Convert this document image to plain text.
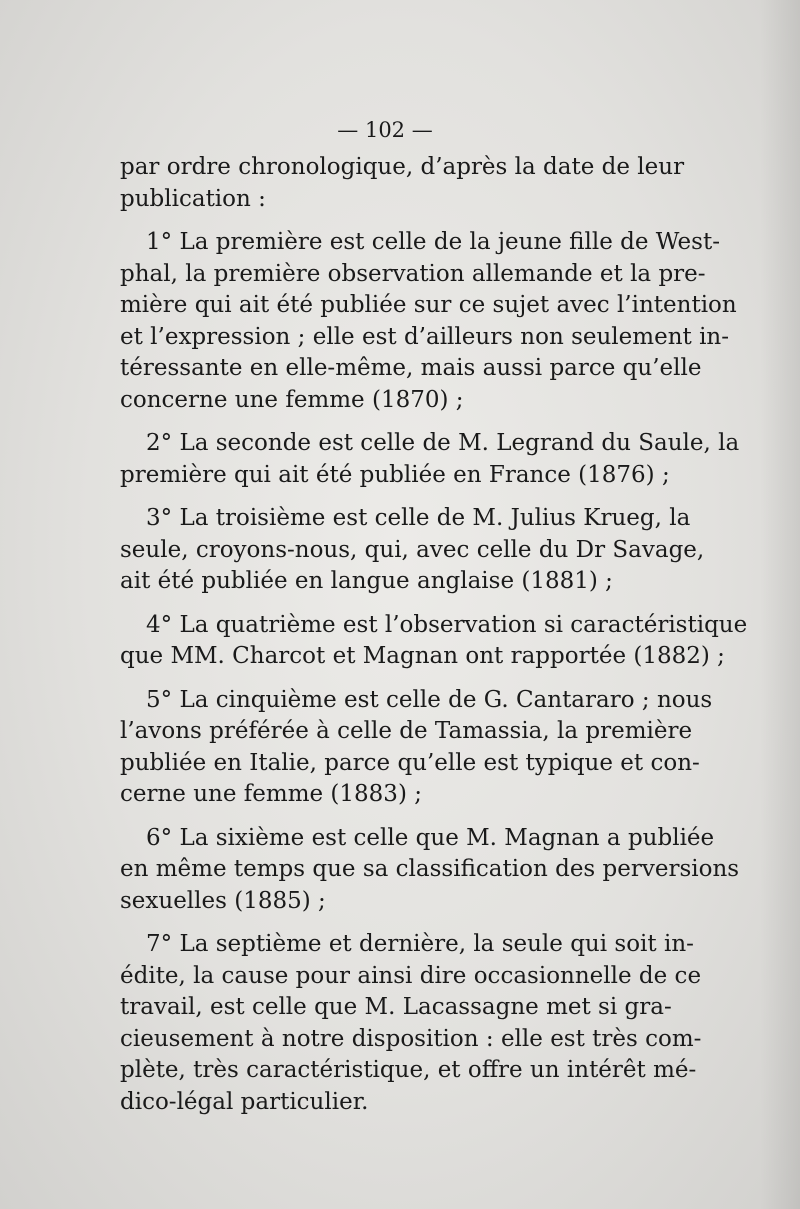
— 102 —
par ordre chronologique, d’après la date de leur
publication :
1° La première est celle de la jeune fille de West-
phal, la première observation allemande et la pre-
mière qui ait été publiée sur ce sujet avec l’intention
et l’expression ; elle est d’ailleurs non seulement in-
téressante en elle-même, mais aussi parce qu’elle
concerne une femme (1870) ;
2° La seconde est celle de M. Legrand du Saule, la
première qui ait été publiée en France (1876) ;
3° La troisième est celle de M. Julius Krueg, la
seule, croyons-nous, qui, avec celle du Dr Savage,
ait été publiée en langue anglaise (1881) ;
4° La quatrième est l’observation si caractéristique
que MM. Charcot et Magnan ont rapportée (1882) ;
5° La cinquième est celle de G. Cantararo ; nous
l’avons préférée à celle de Tamassia, la première
publiée en Italie, parce qu’elle est typique et con-
cerne une femme (1883) ;
6° La sixième est celle que M. Magnan a publiée
en même temps que sa classification des perversions
sexuelles (1885) ;
7° La septième et dernière, la seule qui soit in-
édite, la cause pour ainsi dire occasionnelle de ce
travail, est celle que M. Lacassagne met si gra-
cieusement à notre disposition : elle est très com-
plète, très caractéristique, et offre un intérêt mé-
dico-légal particulier.
